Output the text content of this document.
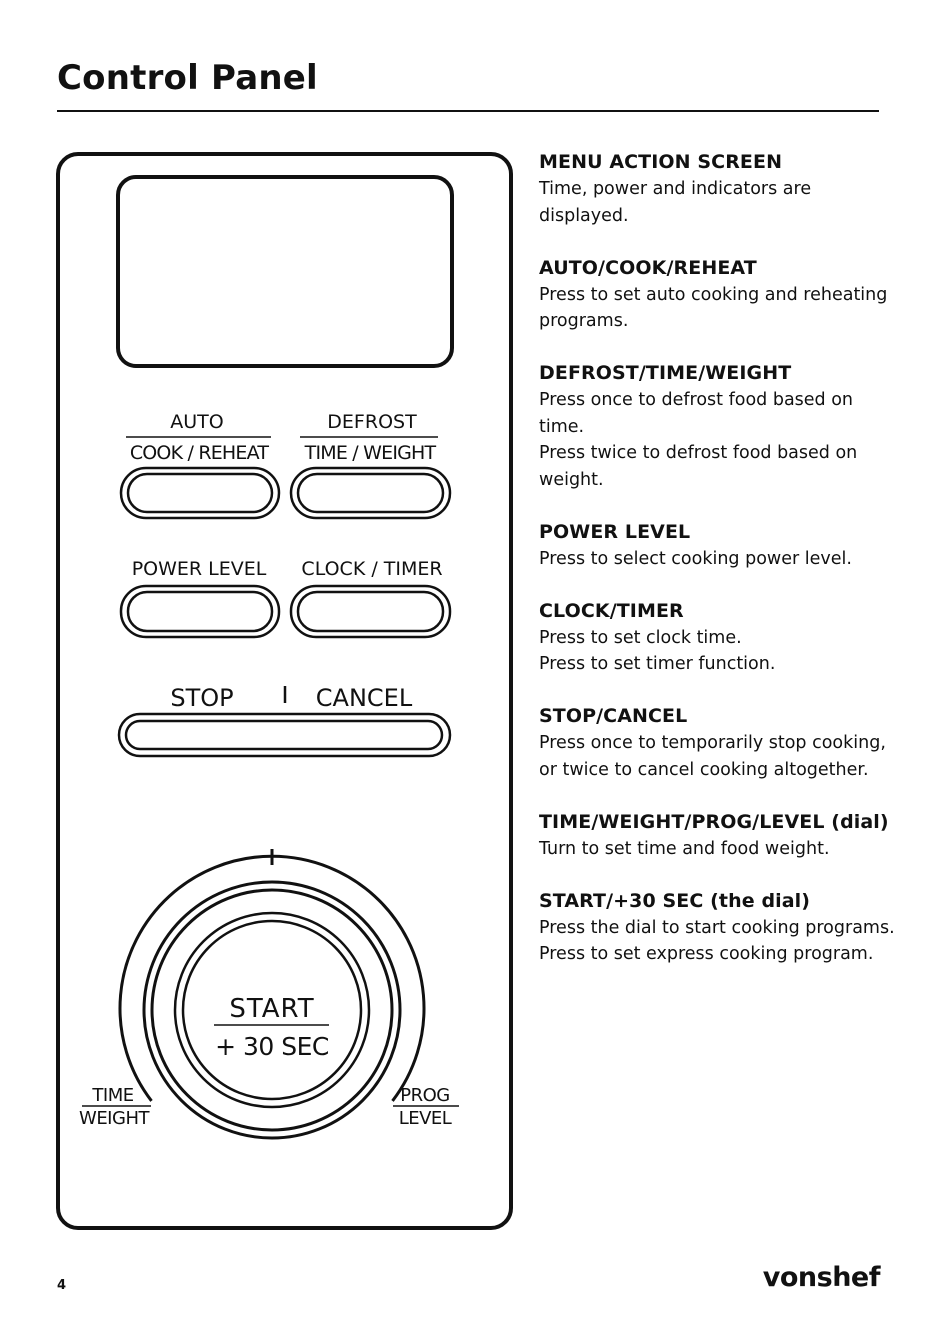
Control Panel
AUTO
COOK / REHEAT
DEFROST
TIME / WEIGHT
POWER LEVEL CLOCK / TIMER
STOP	CANCEL
START
+ 30 SEC
TIME
WEIGHT
PROG
LEVEL
MENU ACTION SCREEN
Time, power and indicators are
displayed.
AUTO/COOK/REHEAT
Press to set auto cooking and reheating
programs.
DEFROST/TIME/WEIGHT
Press once to defrost food based on
time.
Press twice to defrost food based on
weight.
POWER LEVEL
Press to select cooking power level.
CLOCK/TIMER
Press to set clock time.
Press to set timer function.
STOP/CANCEL
Press once to temporarily stop cooking,
or twice to cancel cooking altogether.
TIME/WEIGHT/PROG/LEVEL (dial)
Turn to set time and food weight.
START/+30 SEC (the dial)
Press the dial to start cooking programs.
Press to set express cooking program.
4	vonshef
